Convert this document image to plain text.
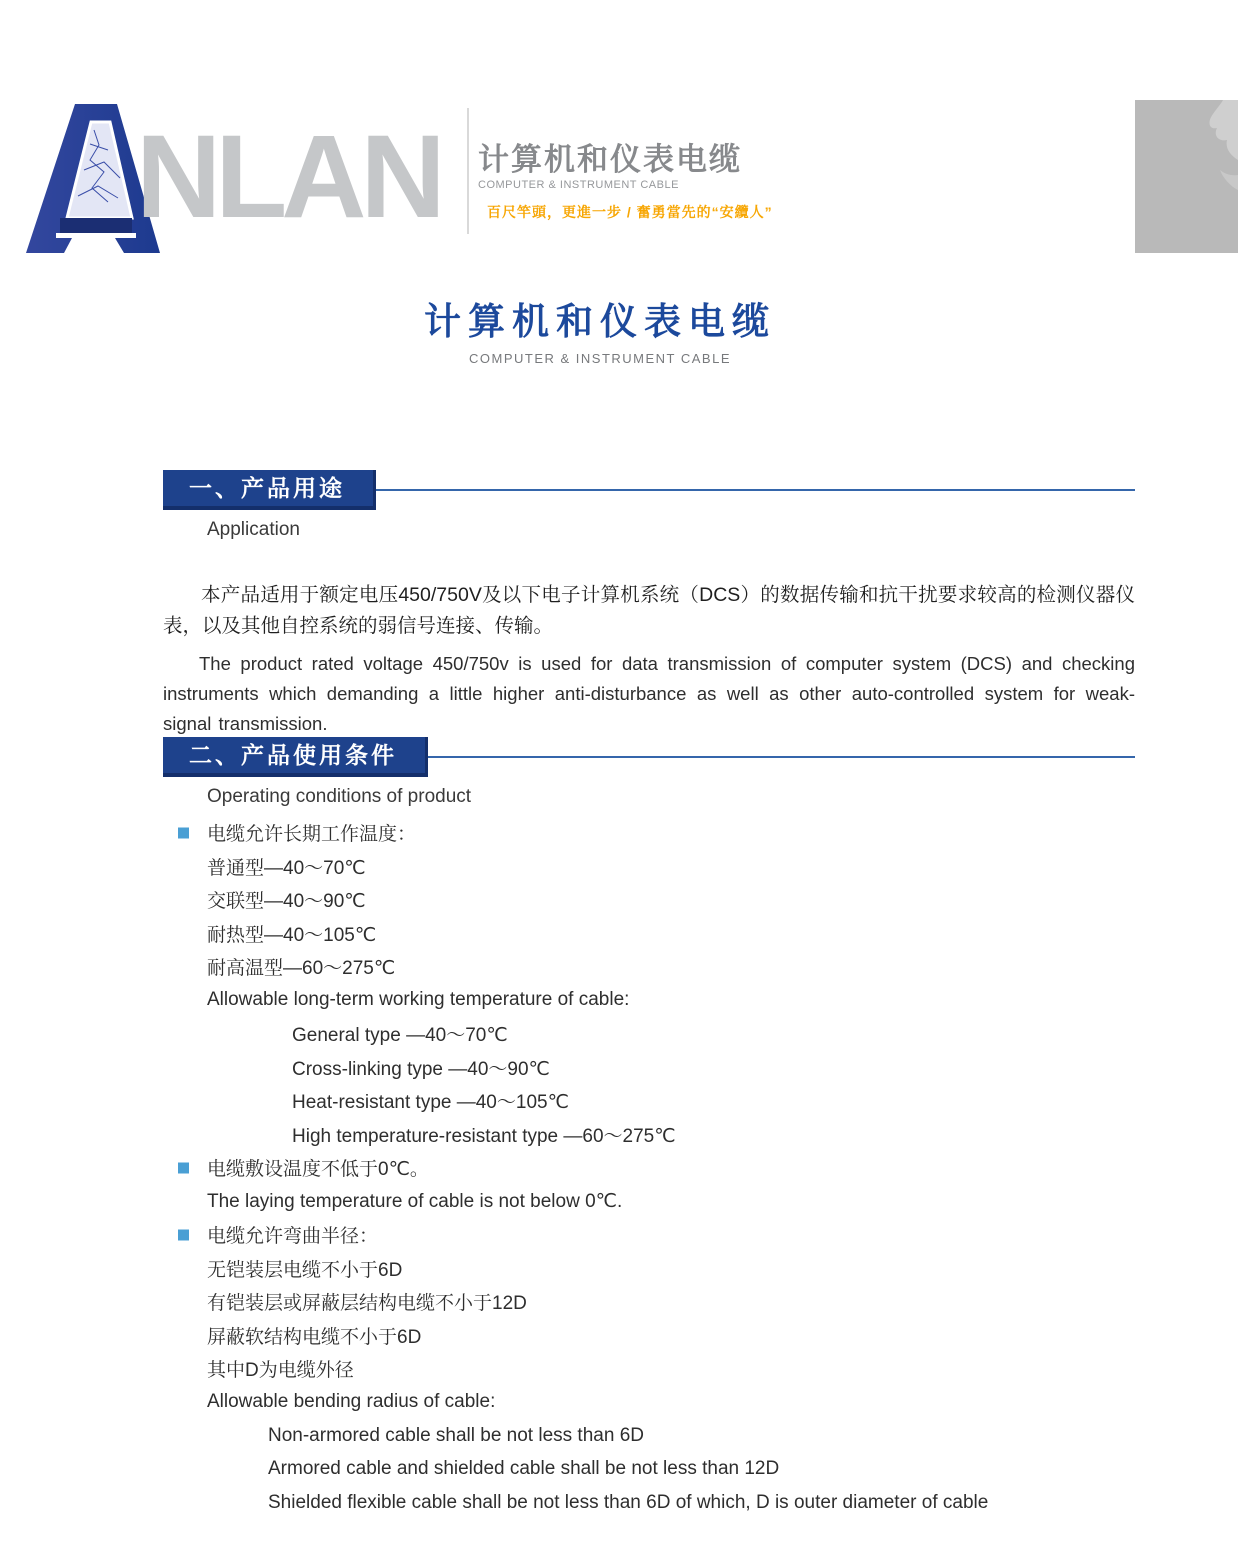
NLAN 计算机和仪表电缆
COMPUTER & INSTRUMENT CABLE
百尺竿頭，更進一步 / 奮勇當先的“安纜人”
计算机和仪表电缆
COMPUTER & INSTRUMENT CABLE
一、产品用途
Application

本产品适用于额定电压450/750V及以下电子计算机系统（DCS）的数据传输和抗干扰要求较高的检测仪器仪表，以及其他自控系统的弱信号连接、传输。

The product rated voltage 450/750v is used for data transmission of computer system (DCS) and checking instruments which demanding a little higher anti-disturbance as well as other auto-controlled system for weak-signal transmission.

二、产品使用条件
Operating conditions of product
电缆允许长期工作温度：
普通型—40～70℃
交联型—40～90℃
耐热型—40～105℃
耐高温型—60～275℃
Allowable long-term working temperature of cable:
General type —40～70℃
Cross-linking type —40～90℃
Heat-resistant type —40～105℃
High temperature-resistant type —60～275℃
电缆敷设温度不低于0℃。
The laying temperature of cable is not below 0℃.
电缆允许弯曲半径：
无铠装层电缆不小于6D
有铠装层或屏蔽层结构电缆不小于12D
屏蔽软结构电缆不小于6D
其中D为电缆外径
Allowable bending radius of cable:
Non-armored cable shall be not less than 6D
Armored cable and shielded cable shall be not less than 12D
Shielded flexible cable shall be not less than 6D of which, D is outer diameter of cable
